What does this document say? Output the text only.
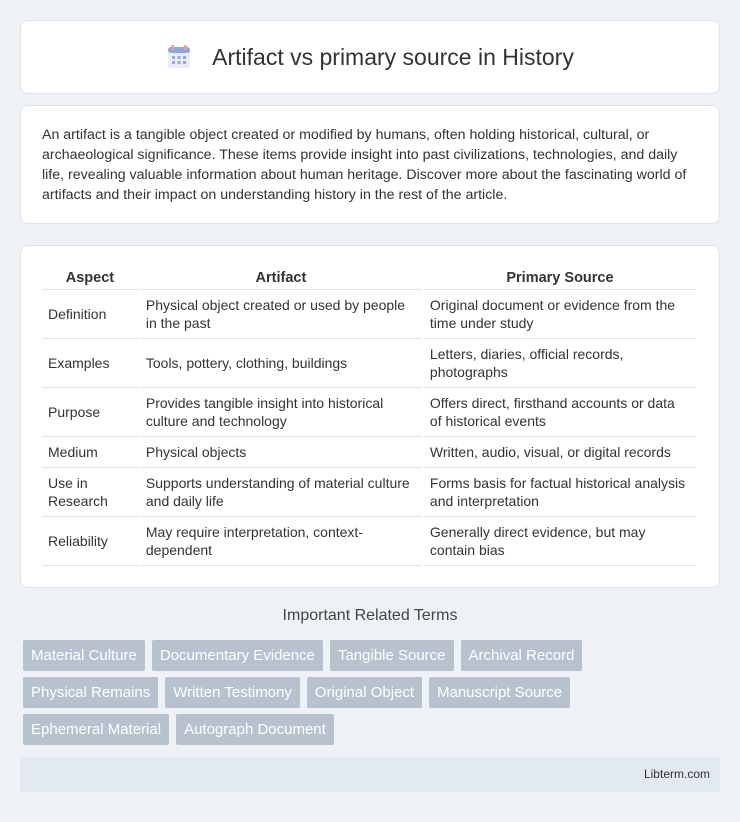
Artifact vs primary source in History

An artifact is a tangible object created or modified by humans, often holding historical, cultural, or archaeological significance. These items provide insight into past civilizations, technologies, and daily life, revealing valuable information about human heritage. Discover more about the fascinating world of artifacts and their impact on understanding history in the rest of the article.

Aspect	Artifact	Primary Source
Definition	Physical object created or used by people in the past	Original document or evidence from the time under study
Examples	Tools, pottery, clothing, buildings	Letters, diaries, official records, photographs
Purpose	Provides tangible insight into historical culture and technology	Offers direct, firsthand accounts or data of historical events
Medium	Physical objects	Written, audio, visual, or digital records
Use in Research	Supports understanding of material culture and daily life	Forms basis for factual historical analysis and interpretation
Reliability	May require interpretation, context-dependent	Generally direct evidence, but may contain bias
Important Related Terms
Material Culture	Documentary Evidence	Tangible Source	Archival Record
Physical Remains	Written Testimony	Original Object	Manuscript Source
Ephemeral Material	Autograph Document
Libterm.com
